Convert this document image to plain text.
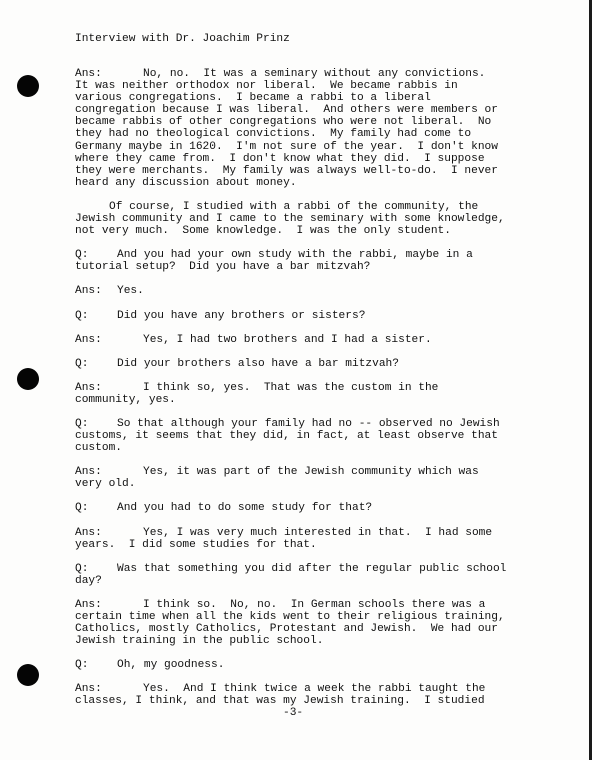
Interview with Dr. Joachim Prinz
Ans:	No, no.  It was a seminary without any convictions.
It was neither orthodox nor liberal.  We became rabbis in
various congregations.  I became a rabbi to a liberal
congregation because I was liberal.  And others were members or
became rabbis of other congregations who were not liberal.  No
they had no theological convictions.  My family had come to
Germany maybe in 1620.  I'm not sure of the year.  I don't know
where they came from.  I don't know what they did.  I suppose
they were merchants.  My family was always well-to-do.  I never
heard any discussion about money.
Of course, I studied with a rabbi of the community, the
Jewish community and I came to the seminary with some knowledge,
not very much.  Some knowledge.  I was the only student.
Q:	And you had your own study with the rabbi, maybe in a
tutorial setup?  Did you have a bar mitzvah?
Ans: Yes.
Q:	Did you have any brothers or sisters?
Ans:	Yes, I had two brothers and I had a sister.
Q:	Did your brothers also have a bar mitzvah?
Ans:	I think so, yes.  That was the custom in the
community, yes.
Q:	So that although your family had no -- observed no Jewish
customs, it seems that they did, in fact, at least observe that
custom.
Ans:	Yes, it was part of the Jewish community which was
very old.
Q:	And you had to do some study for that?
Ans:	Yes, I was very much interested in that.  I had some
years.  I did some studies for that.
Q:	Was that something you did after the regular public school
day?
Ans:	I think so.  No, no.  In German schools there was a
certain time when all the kids went to their religious training,
Catholics, mostly Catholics, Protestant and Jewish.  We had our
Jewish training in the public school.
Q:	Oh, my goodness.
Ans:	Yes.  And I think twice a week the rabbi taught the
classes, I think, and that was my Jewish training.  I studied
-3-
